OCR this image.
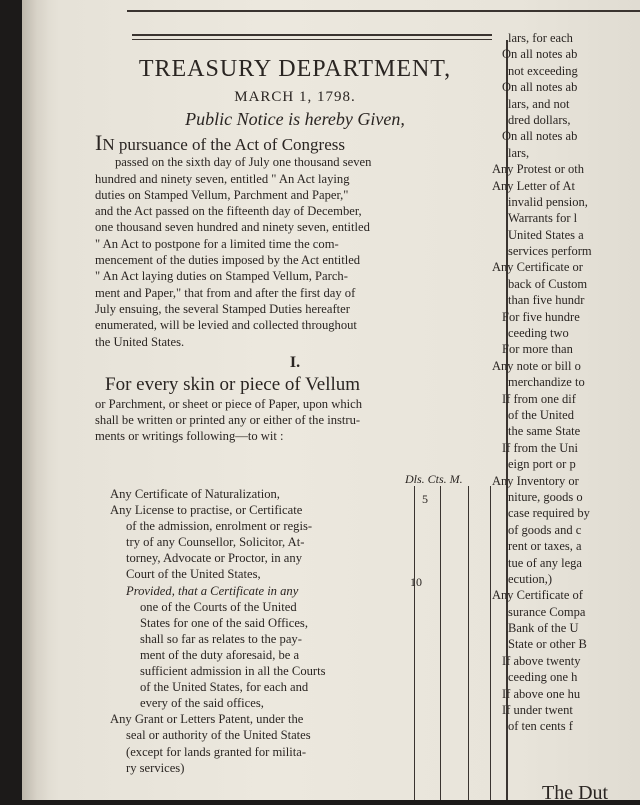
TREASURY DEPARTMENT,
MARCH 1, 1798.
Public Notice is hereby Given,
IN pursuance of the Act of Congress
passed on the sixth day of July one thousand seven
hundred and ninety seven, entitled " An Act laying
duties on Stamped Vellum, Parchment and Paper,"
and the Act passed on the fifteenth day of December,
one thousand seven hundred and ninety seven, entitled
" An Act to postpone for a limited time the com-
mencement of the duties imposed by the Act entitled
" An Act laying duties on Stamped Vellum, Parch-
ment and Paper," that from and after the first day of
July ensuing, the several Stamped Duties hereafter
enumerated, will be levied and collected throughout
the United States.
I.
For every skin or piece of Vellum
or Parchment, or sheet or piece of Paper, upon which
shall be written or printed any or either of the instru-
ments or writings following—to wit :
Dls. Cts. M.
Any Certificate of Naturalization,
Any License to practise, or Certificate
of the admission, enrolment or regis-
try of any Counsellor, Solicitor, At-
torney, Advocate or Proctor, in any
Court of the United States,
Provided, that a Certificate in any
one of the Courts of the United
States for one of the said Offices,
shall so far as relates to the pay-
ment of the duty aforesaid, be a
sufficient admission in all the Courts
of the United States, for each and
every of the said offices,
Any Grant or Letters Patent, under the
seal or authority of the United States
(except for lands granted for milita-
ry services)
5
10
lars, for each
On all notes ab
not exceeding
On all notes ab
lars, and not
dred dollars,
On all notes ab
lars,
Any Protest or oth
Any Letter of At
invalid pension,
Warrants for l
United States a
services perform
Any Certificate or
back of Custom
than five hundr
For five hundre
ceeding two
For more than
Any note or bill o
merchandize to
If from one dif
of the United
the same State
If from the Uni
eign port or p
Any Inventory or
niture, goods o
case required by
of goods and c
rent or taxes, a
tue of any lega
ecution,)
Any Certificate of
surance Compa
Bank of the U
State or other B
If above twenty
ceeding one h
If above one hu
If under twent
of ten cents f
The Dut
